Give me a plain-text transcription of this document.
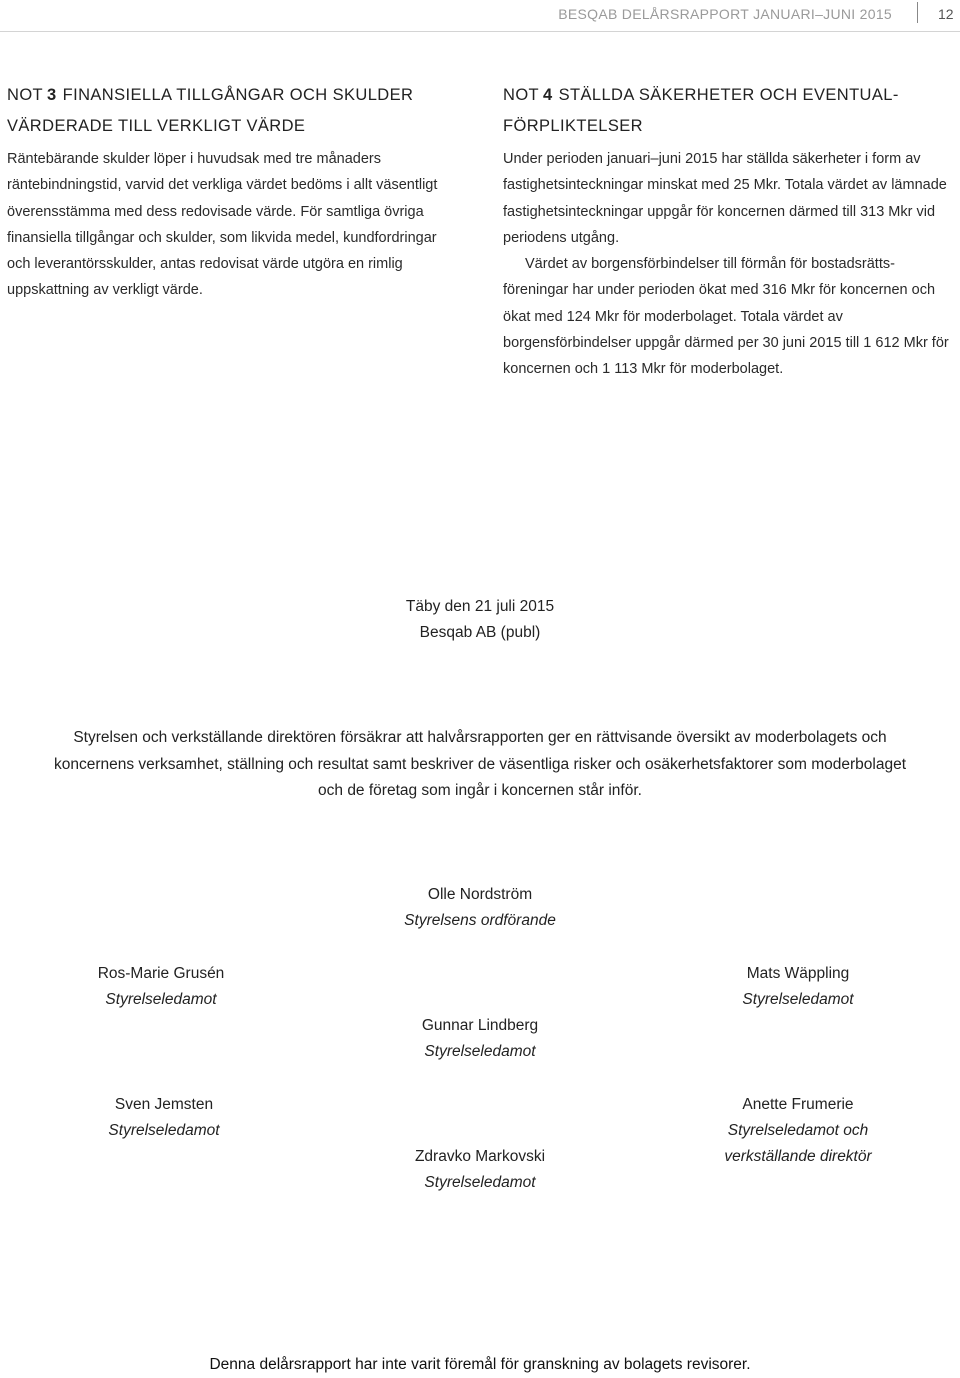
BESQAB DELÅRSRAPPORT JANUARI–JUNI 2015	12
NOT 3 FINANSIELLA TILLGÅNGAR OCH SKULDER
VÄRDERADE TILL VERKLIGT VÄRDE

Räntebärande skulder löper i huvudsak med tre månaders räntebindningstid, varvid det verkliga värdet bedöms i allt väsentligt överensstämma med dess redovisade värde. För samtliga övriga finansiella tillgångar och skulder, som likvida medel, kundfordringar och leverantörsskulder, antas redovisat värde utgöra en rimlig uppskattning av verkligt värde.

NOT 4 STÄLLDA SÄKERHETER OCH EVENTUAL-
FÖRPLIKTELSER

Under perioden januari–juni 2015 har ställda säkerheter i form av fastighetsinteckningar minskat med 25 Mkr. Totala värdet av lämnade fastighetsinteckningar uppgår för koncernen därmed till 313 Mkr vid periodens utgång.

Värdet av borgensförbindelser till förmån för bostadsrättsföreningar har under perioden ökat med 316 Mkr för koncernen och ökat med 124 Mkr för moderbolaget. Totala värdet av borgensförbindelser uppgår därmed per 30 juni 2015 till 1 612 Mkr för koncernen och 1 113 Mkr för moderbolaget.

Täby den 21 juli 2015
Besqab AB (publ)
Styrelsen och verkställande direktören försäkrar att halvårsrapporten ger en rättvisande översikt av moderbolagets och koncernens verksamhet, ställning och resultat samt beskriver de väsentliga risker och osäkerhetsfaktorer som moderbolaget och de företag som ingår i koncernen står inför.
Olle Nordström
Styrelsens ordförande
Ros-Marie Grusén
Styrelseledamot
Mats Wäppling
Styrelseledamot
Gunnar Lindberg
Styrelseledamot
Sven Jemsten
Styrelseledamot
Anette Frumerie
Styrelseledamot och verkställande direktör
Zdravko Markovski
Styrelseledamot
Denna delårsrapport har inte varit föremål för granskning av bolagets revisorer.
